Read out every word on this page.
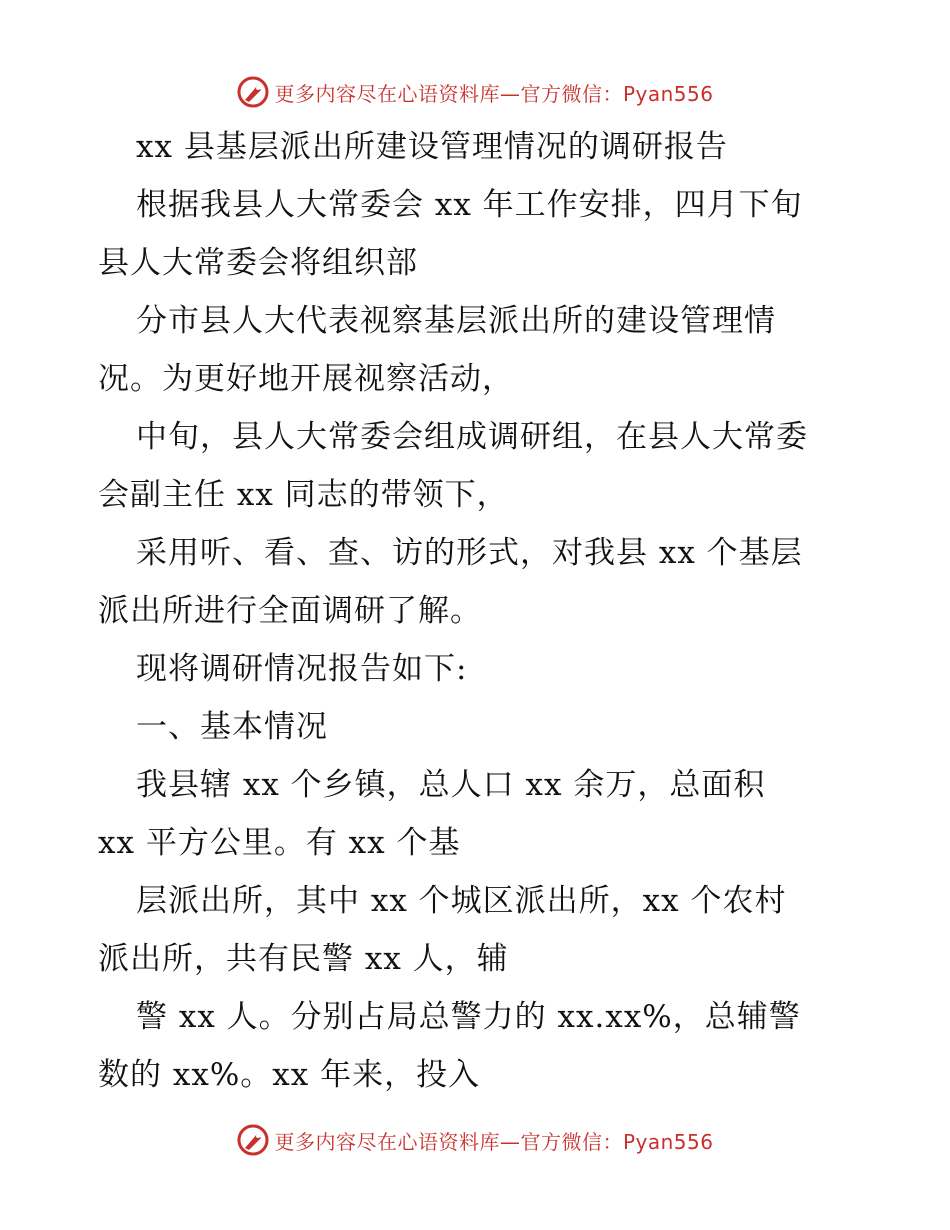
更多内容尽在心语资料库—官方微信：Pyan556
xx 县基层派出所建设管理情况的调研报告
根据我县人大常委会 xx 年工作安排，四月下旬
县人大常委会将组织部
分市县人大代表视察基层派出所的建设管理情
况。为更好地开展视察活动，
中旬，县人大常委会组成调研组，在县人大常委
会副主任 xx 同志的带领下，
采用听、看、查、访的形式，对我县 xx 个基层
派出所进行全面调研了解。
现将调研情况报告如下:
一、基本情况
我县辖 xx 个乡镇，总人口 xx 余万，总面积
xx 平方公里。有 xx 个基
层派出所，其中 xx 个城区派出所，xx 个农村
派出所，共有民警 xx 人，辅
警 xx 人。分别占局总警力的 xx.xx%，总辅警
数的 xx%。xx 年来，投入
更多内容尽在心语资料库—官方微信：Pyan556
